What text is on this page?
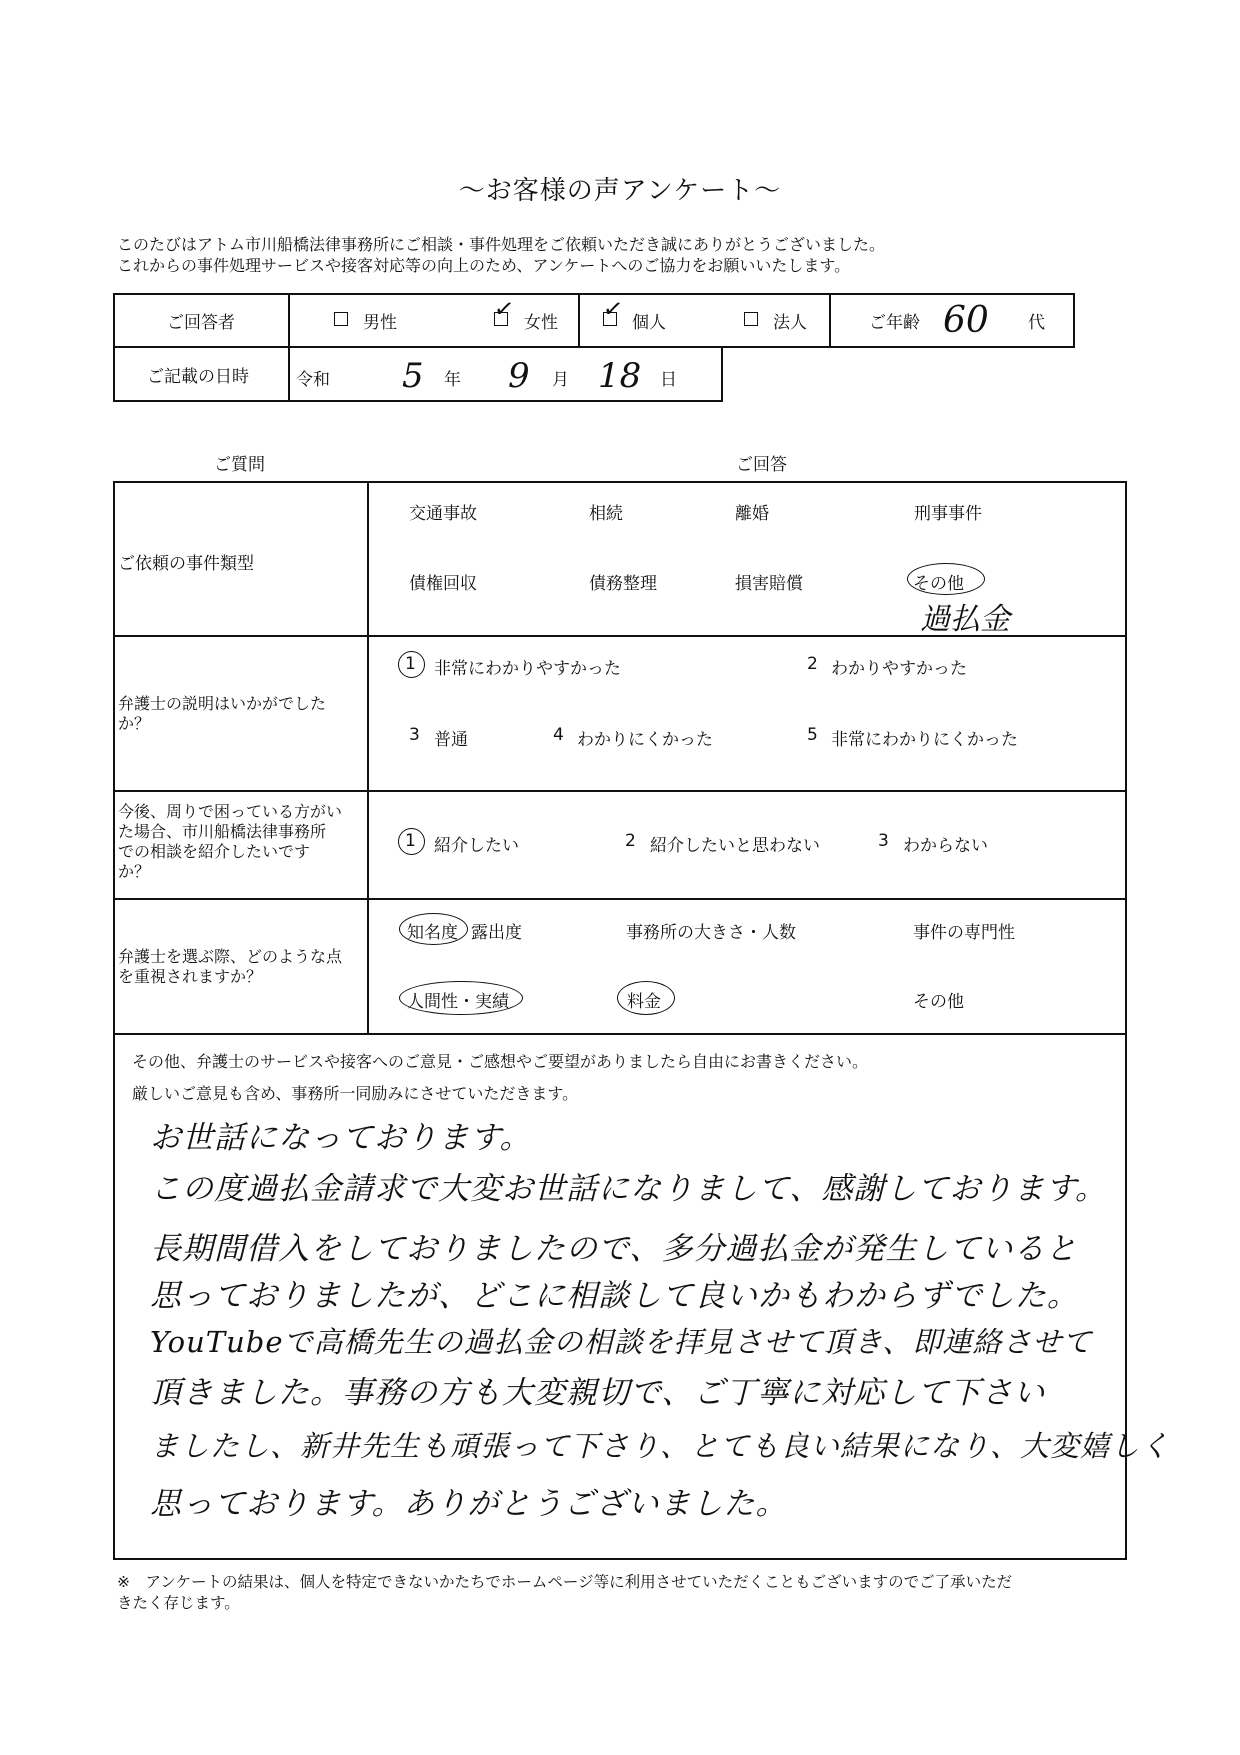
～お客様の声アンケート～
このたびはアトム市川船橋法律事務所にご相談・事件処理をご依頼いただき誠にありがとうございました。
これからの事件処理サービスや接客対応等の向上のため、アンケートへのご協力をお願いいたします。
ご回答者	男性	✓ 女性 ✓ 個人	法人	ご年齢 60 代
ご記載の日時	令和 5 年 9 月 18 日
ご質問	ご回答
ご依頼の事件類型
交通事故	相続	離婚	刑事事件
債権回収	債務整理	損害賠償	その他
過払金
弁護士の説明はいかがでした
か？
1 非常にわかりやすかった	2 わかりやすかった
3 普通	4 わかりにくかった	5 非常にわかりにくかった
今後、周りで困っている方がい
た場合、市川船橋法律事務所
での相談を紹介したいです
か？
1 紹介したい	2 紹介したいと思わない	3 わからない
弁護士を選ぶ際、どのような点
を重視されますか？
知名度 露出度	事務所の大きさ・人数	事件の専門性
人間性・実績	料金	その他
その他、弁護士のサービスや接客へのご意見・ご感想やご要望がありましたら自由にお書きください。
厳しいご意見も含め、事務所一同励みにさせていただきます。
お世話になっております。
この度過払金請求で大変お世話になりまして、感謝しております。
長期間借入をしておりましたので、多分過払金が発生していると
思っておりましたが、どこに相談して良いかもわからずでした。
YouTubeで高橋先生の過払金の相談を拝見させて頂き、即連絡させて
頂きました。事務の方も大変親切で、ご丁寧に対応して下さい
ましたし、新井先生も頑張って下さり、とても良い結果になり、大変嬉しく
思っております。ありがとうございました。
※　アンケートの結果は、個人を特定できないかたちでホームページ等に利用させていただくこともございますのでご了承いただ
きたく存じます。
